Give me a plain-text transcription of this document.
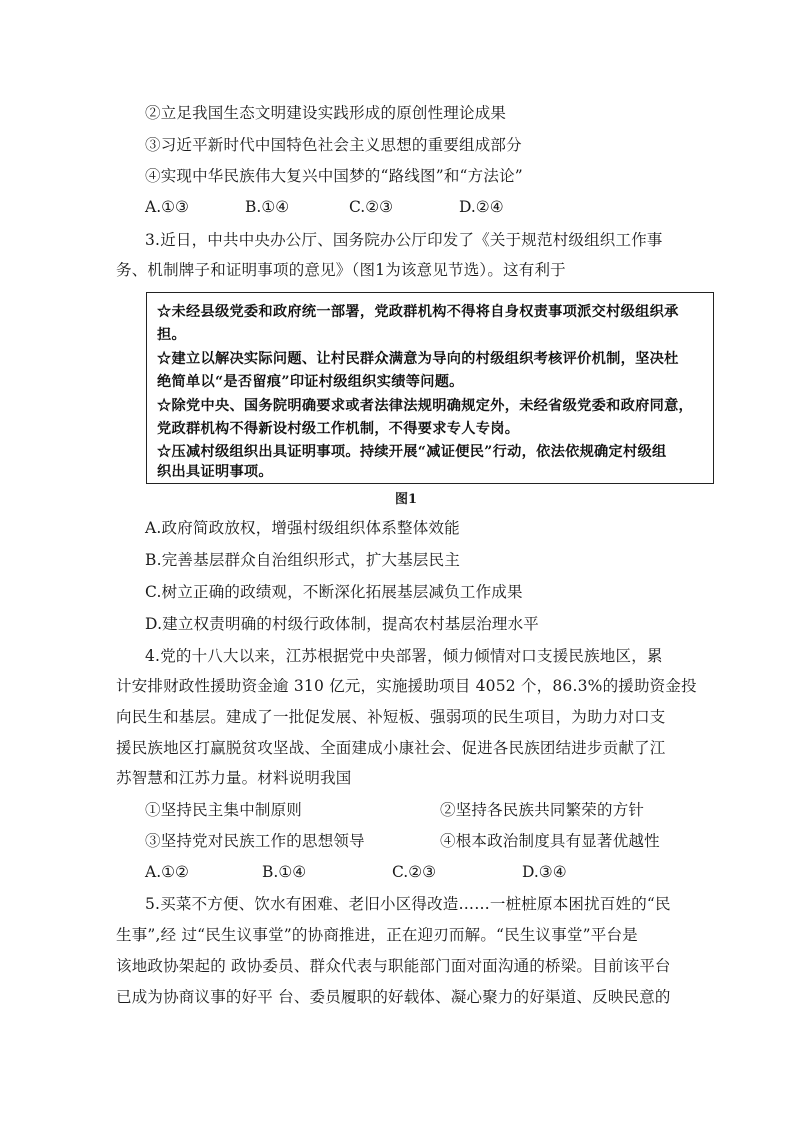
②立足我国生态文明建设实践形成的原创性理论成果
③习近平新时代中国特色社会主义思想的重要组成部分
④实现中华民族伟大复兴中国梦的“路线图”和“方法论”
A.①③	B.①④	C.②③	D.②④
3.近日，中共中央办公厅、国务院办公厅印发了《关于规范村级组织工作事
务、机制牌子和证明事项的意见》（图1为该意见节选）。这有利于
☆未经县级党委和政府统一部署，党政群机构不得将自身权责事项派交村级组织承
担。
☆建立以解决实际问题、让村民群众满意为导向的村级组织考核评价机制，坚决杜
绝简单以“是否留痕”印证村级组织实绩等问题。
☆除党中央、国务院明确要求或者法律法规明确规定外，未经省级党委和政府同意，
党政群机构不得新设村级工作机制，不得要求专人专岗。
☆压减村级组织出具证明事项。持续开展“减证便民”行动，依法依规确定村级组
织出具证明事项。
图1
A.政府简政放权，增强村级组织体系整体效能
B.完善基层群众自治组织形式，扩大基层民主
C.树立正确的政绩观，不断深化拓展基层减负工作成果
D.建立权责明确的村级行政体制，提高农村基层治理水平
4.党的十八大以来，江苏根据党中央部署，倾力倾情对口支援民族地区，累
计安排财政性援助资金逾 310 亿元，实施援助项目 4052 个，86.3%的援助资金投
向民生和基层。建成了一批促发展、补短板、强弱项的民生项目，为助力对口支
援民族地区打赢脱贫攻坚战、全面建成小康社会、促进各民族团结进步贡献了江
苏智慧和江苏力量。材料说明我国
①坚持民主集中制原则	②坚持各民族共同繁荣的方针
③坚持党对民族工作的思想领导	④根本政治制度具有显著优越性
A.①②	B.①④	C.②③	D.③④
5.买菜不方便、饮水有困难、老旧小区得改造……一桩桩原本困扰百姓的“民
生事”,经 过“民生议事堂”的协商推进，正在迎刃而解。“民生议事堂”平台是
该地政协架起的 政协委员、群众代表与职能部门面对面沟通的桥梁。目前该平台
已成为协商议事的好平 台、委员履职的好载体、凝心聚力的好渠道、反映民意的
